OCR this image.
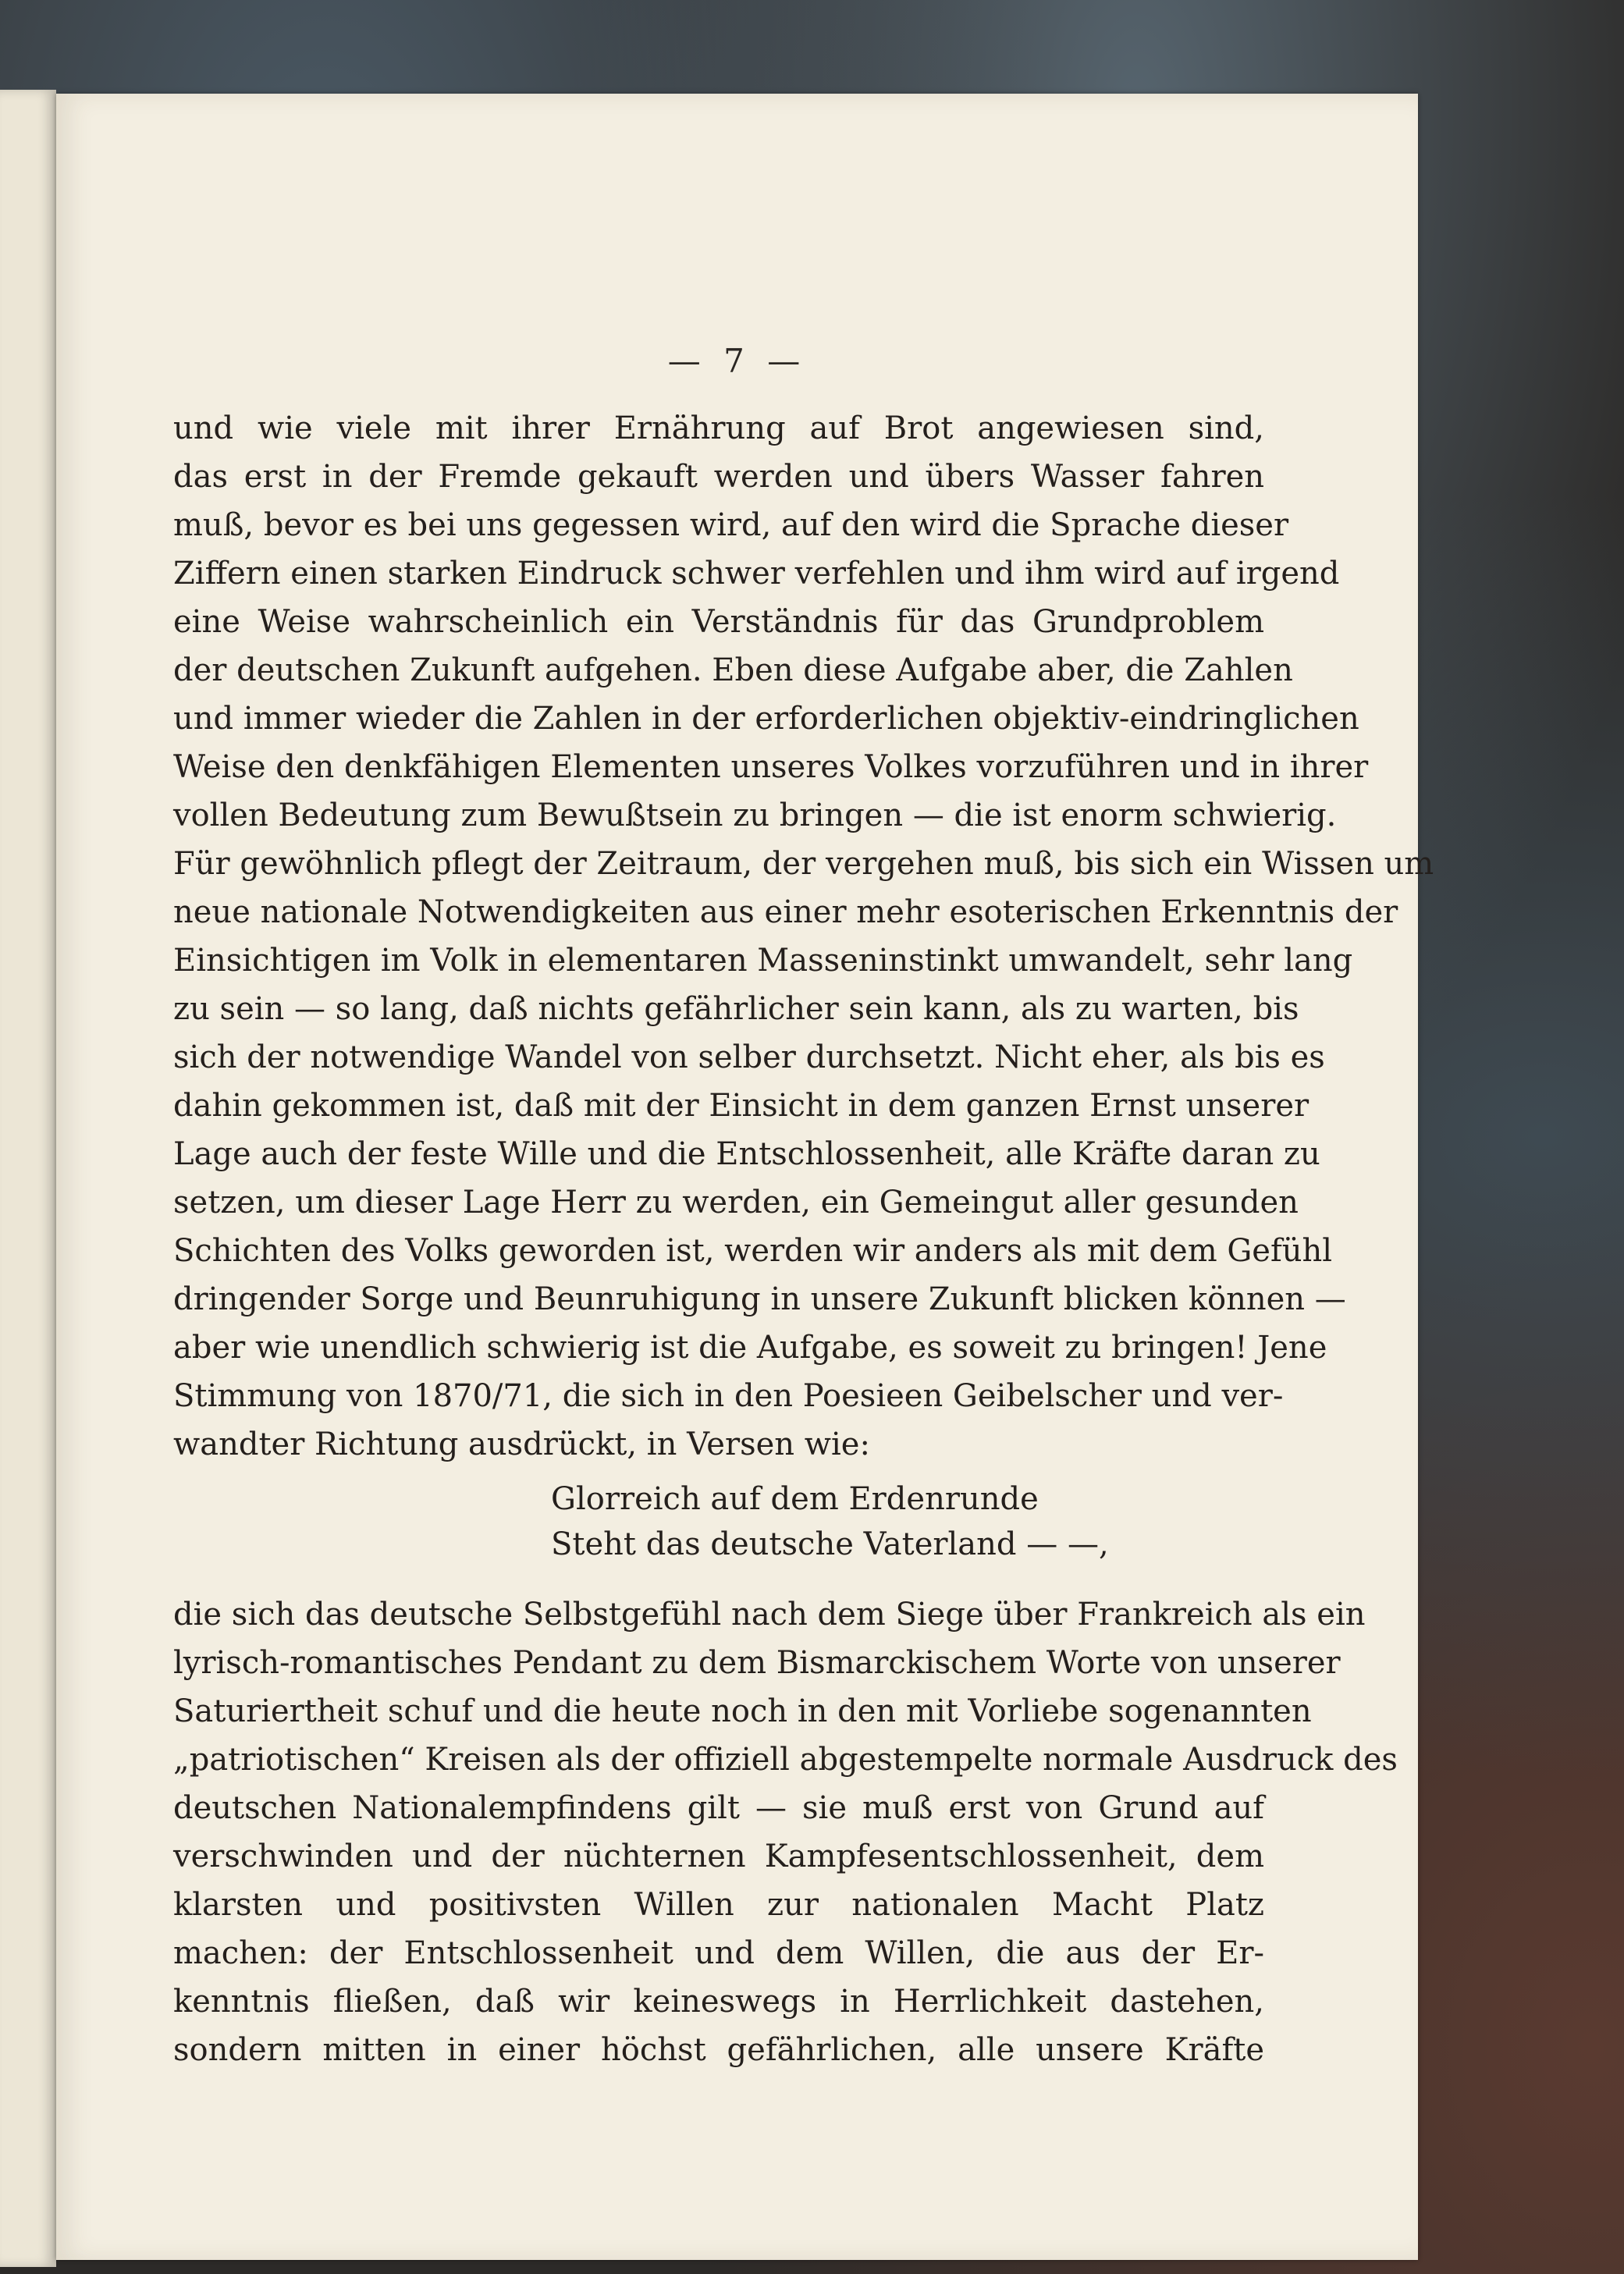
— 7 —
und wie viele mit ihrer Ernährung auf Brot angewiesen sind,
das erst in der Fremde gekauft werden und übers Wasser fahren
muß, bevor es bei uns gegessen wird, auf den wird die Sprache dieser
Ziffern einen starken Eindruck schwer verfehlen und ihm wird auf irgend
eine Weise wahrscheinlich ein Verständnis für das Grundproblem
der deutschen Zukunft aufgehen. Eben diese Aufgabe aber, die Zahlen
und immer wieder die Zahlen in der erforderlichen objektiv-eindringlichen
Weise den denkfähigen Elementen unseres Volkes vorzuführen und in ihrer
vollen Bedeutung zum Bewußtsein zu bringen — die ist enorm schwierig.
Für gewöhnlich pflegt der Zeitraum, der vergehen muß, bis sich ein Wissen um
neue nationale Notwendigkeiten aus einer mehr esoterischen Erkenntnis der
Einsichtigen im Volk in elementaren Masseninstinkt umwandelt, sehr lang
zu sein — so lang, daß nichts gefährlicher sein kann, als zu warten, bis
sich der notwendige Wandel von selber durchsetzt. Nicht eher, als bis es
dahin gekommen ist, daß mit der Einsicht in dem ganzen Ernst unserer
Lage auch der feste Wille und die Entschlossenheit, alle Kräfte daran zu
setzen, um dieser Lage Herr zu werden, ein Gemeingut aller gesunden
Schichten des Volks geworden ist, werden wir anders als mit dem Gefühl
dringender Sorge und Beunruhigung in unsere Zukunft blicken können —
aber wie unendlich schwierig ist die Aufgabe, es soweit zu bringen! Jene
Stimmung von 1870/71, die sich in den Poesieen Geibelscher und ver-
wandter Richtung ausdrückt, in Versen wie:
Glorreich auf dem Erdenrunde
Steht das deutsche Vaterland — —,
die sich das deutsche Selbstgefühl nach dem Siege über Frankreich als ein
lyrisch-romantisches Pendant zu dem Bismarckischem Worte von unserer
Saturiertheit schuf und die heute noch in den mit Vorliebe sogenannten
„patriotischen“ Kreisen als der offiziell abgestempelte normale Ausdruck des
deutschen Nationalempfindens gilt — sie muß erst von Grund auf
verschwinden und der nüchternen Kampfesentschlossenheit, dem
klarsten und positivsten Willen zur nationalen Macht Platz
machen: der Entschlossenheit und dem Willen, die aus der Er-
kenntnis fließen, daß wir keineswegs in Herrlichkeit dastehen,
sondern mitten in einer höchst gefährlichen, alle unsere Kräfte
